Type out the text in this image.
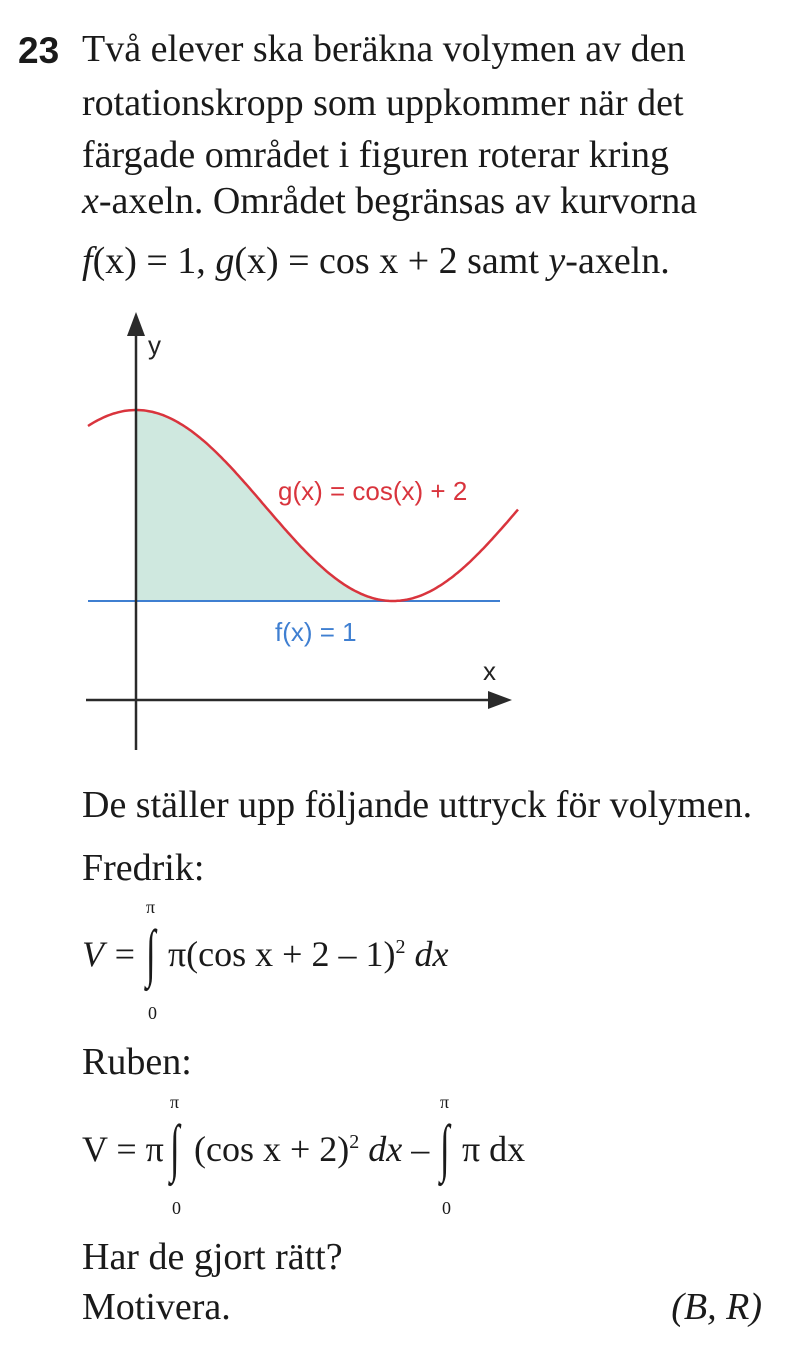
23 Två elever ska beräkna volymen av den
rotationskropp som uppkommer när det
färgade området i figuren roterar kring
x-axeln. Området begränsas av kurvorna
f(x) = 1, g(x) = cos x + 2 samt y-axeln.
y
x
g(x) = cos(x) + 2
f(x) = 1
De ställer upp följande uttryck för volymen.
Fredrik:
V = ∫
π
0
π(cos x + 2 – 1)$^2$ dx
Ruben:
V = π ∫
π
0
(cos x + 2)$^2$ dx – ∫
π
0
π dx
Har de gjort rätt?
Motivera.	(B, R)
